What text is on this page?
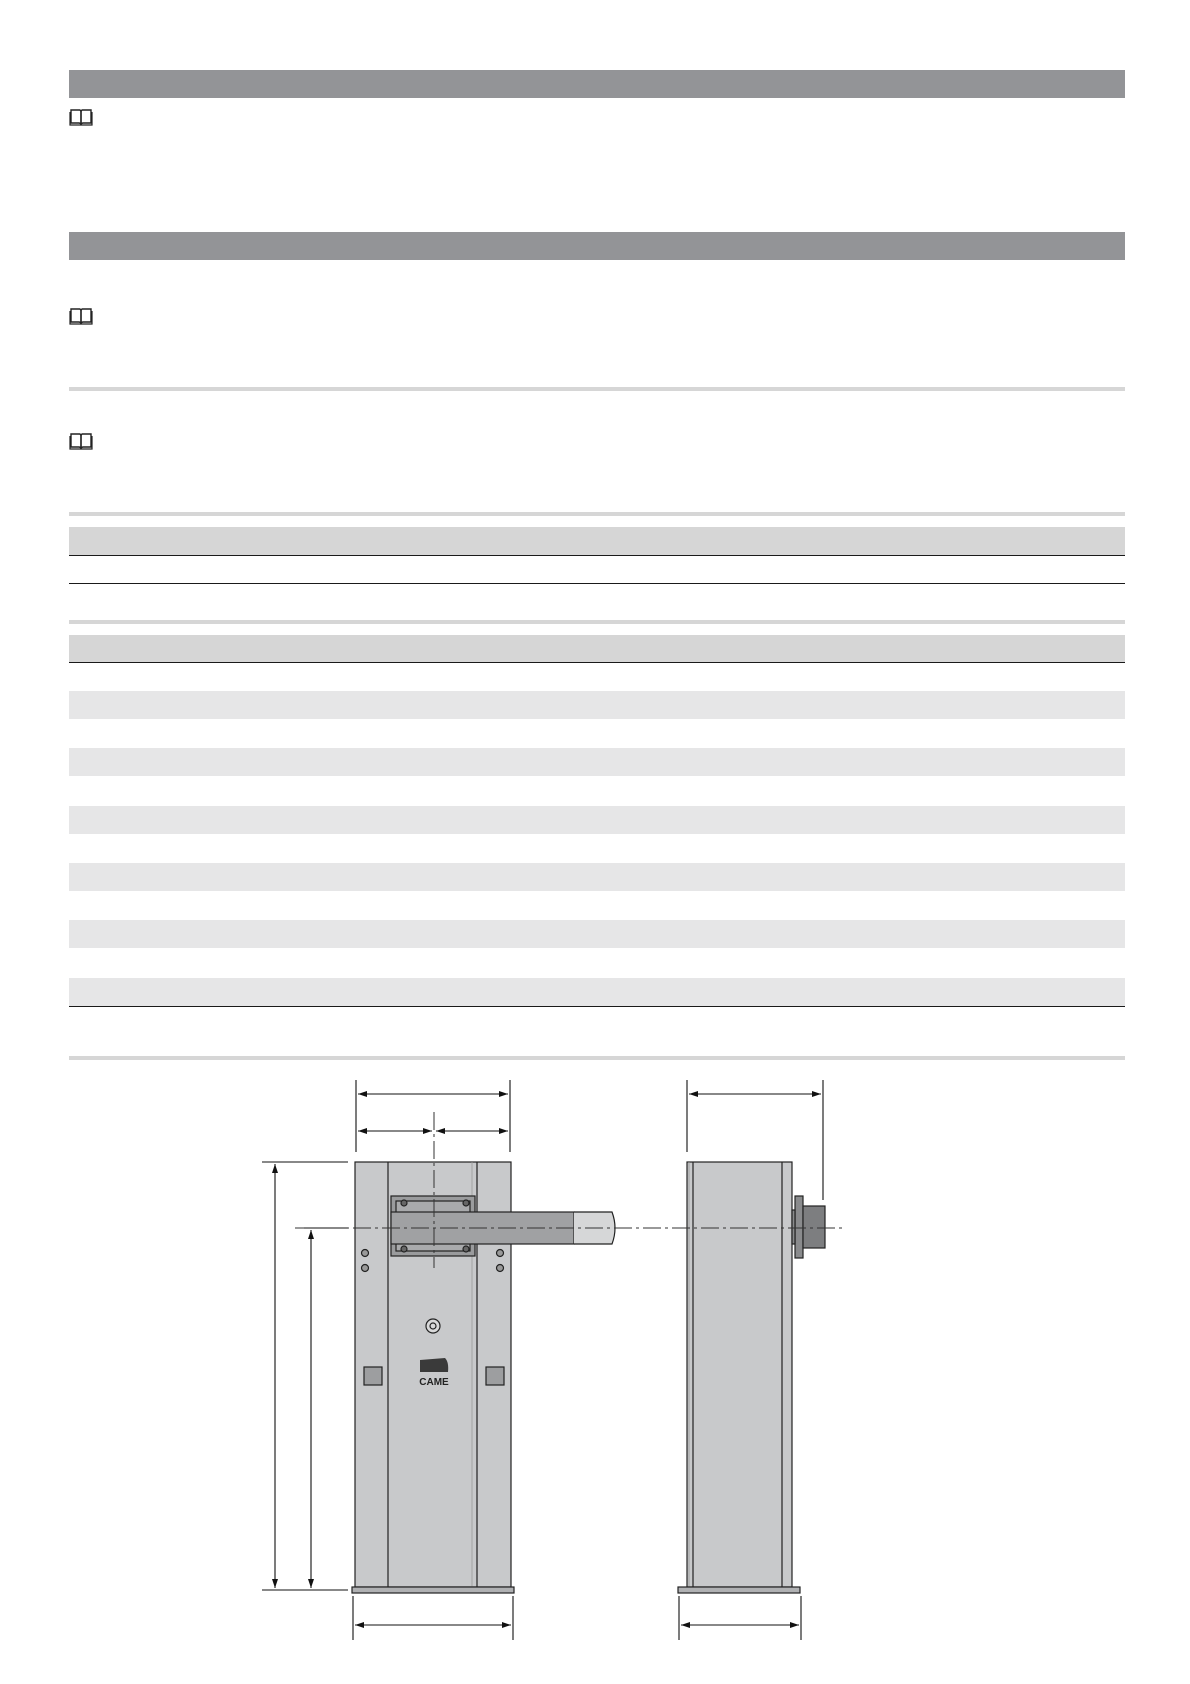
CAME
